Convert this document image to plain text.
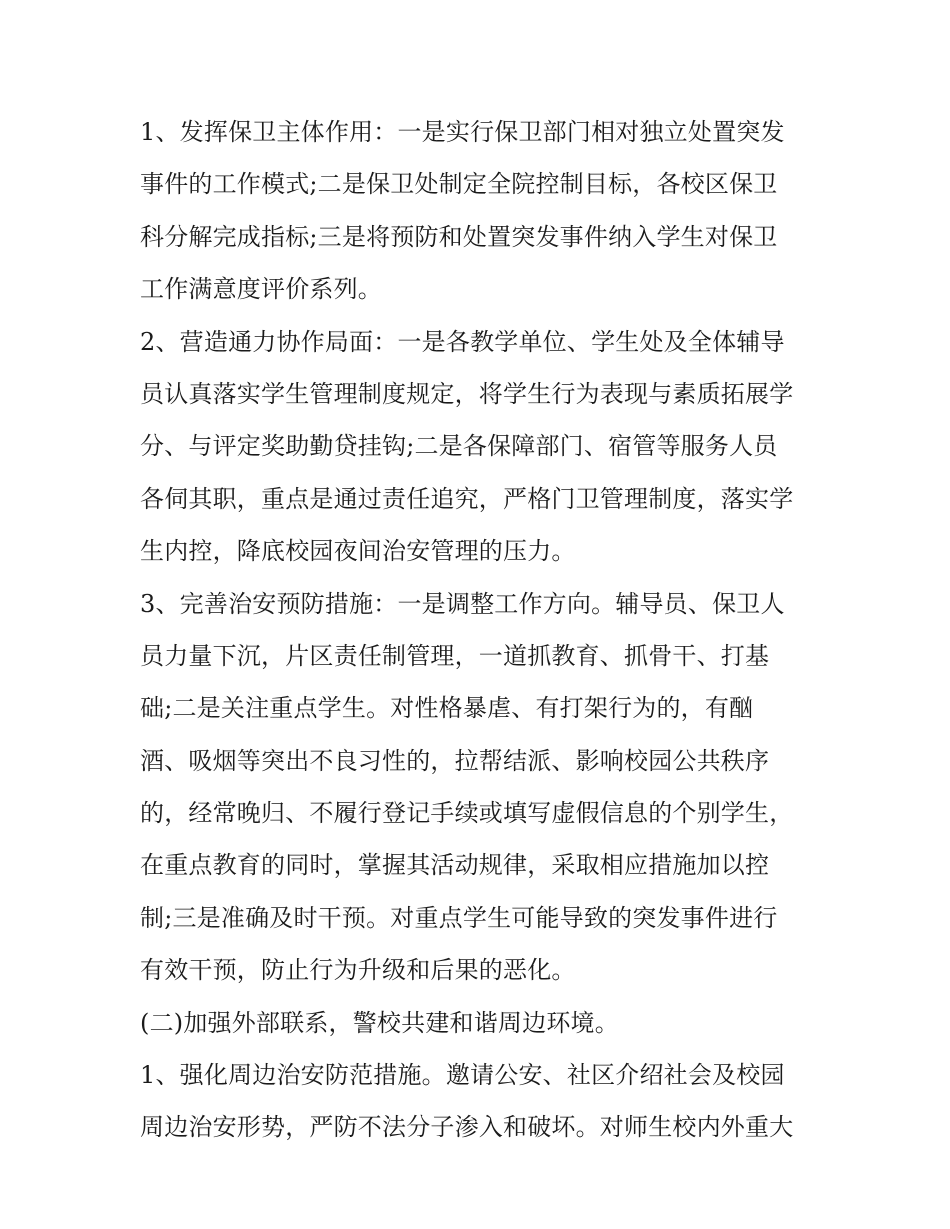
1、发挥保卫主体作用：一是实行保卫部门相对独立处置突发
事件的工作模式;二是保卫处制定全院控制目标，各校区保卫
科分解完成指标;三是将预防和处置突发事件纳入学生对保卫
工作满意度评价系列。
2、营造通力协作局面：一是各教学单位、学生处及全体辅导
员认真落实学生管理制度规定，将学生行为表现与素质拓展学
分、与评定奖助勤贷挂钩;二是各保障部门、宿管等服务人员
各伺其职，重点是通过责任追究，严格门卫管理制度，落实学
生内控，降底校园夜间治安管理的压力。
3、完善治安预防措施：一是调整工作方向。辅导员、保卫人
员力量下沉，片区责任制管理，一道抓教育、抓骨干、打基
础;二是关注重点学生。对性格暴虐、有打架行为的，有酗
酒、吸烟等突出不良习性的，拉帮结派、影响校园公共秩序
的，经常晚归、不履行登记手续或填写虚假信息的个别学生，
在重点教育的同时，掌握其活动规律，采取相应措施加以控
制;三是准确及时干预。对重点学生可能导致的突发事件进行
有效干预，防止行为升级和后果的恶化。
(二)加强外部联系，警校共建和谐周边环境。
1、强化周边治安防范措施。邀请公安、社区介绍社会及校园
周边治安形势，严防不法分子渗入和破坏。对师生校内外重大
